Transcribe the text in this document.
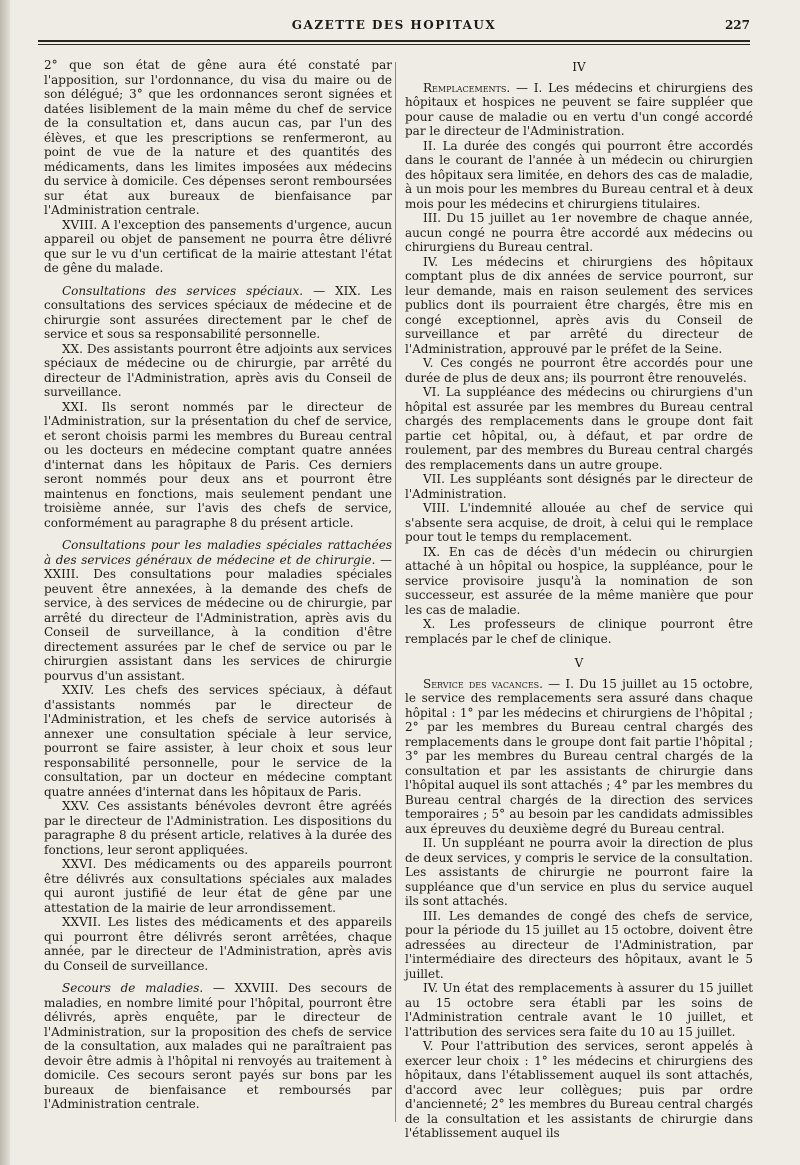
GAZETTE DES HOPITAUX	227

2° que son état de gêne aura été constaté par l'apposition, sur l'ordonnance, du visa du maire ou de son délégué; 3° que les ordonnances seront signées et datées lisiblement de la main même du chef de service de la consultation et, dans aucun cas, par l'un des élèves, et que les prescriptions se renfermeront, au point de vue de la nature et des quantités des médicaments, dans les limites imposées aux médecins du service à domicile. Ces dépenses seront remboursées sur état aux bureaux de bienfaisance par l'Administration centrale.

XVIII. A l'exception des pansements d'urgence, aucun appareil ou objet de pansement ne pourra être délivré que sur le vu d'un certificat de la mairie attestant l'état de gêne du malade.

Consultations des services spéciaux. — XIX. Les consultations des services spéciaux de médecine et de chirurgie sont assurées directement par le chef de service et sous sa responsabilité personnelle.

XX. Des assistants pourront être adjoints aux services spéciaux de médecine ou de chirurgie, par arrêté du directeur de l'Administration, après avis du Conseil de surveillance.

XXI. Ils seront nommés par le directeur de l'Administration, sur la présentation du chef de service, et seront choisis parmi les membres du Bureau central ou les docteurs en médecine comptant quatre années d'internat dans les hôpitaux de Paris. Ces derniers seront nommés pour deux ans et pourront être maintenus en fonctions, mais seulement pendant une troisième année, sur l'avis des chefs de service, conformément au paragraphe 8 du présent article.

Consultations pour les maladies spéciales rattachées à des services généraux de médecine et de chirurgie. — XXIII. Des consultations pour maladies spéciales peuvent être annexées, à la demande des chefs de service, à des services de médecine ou de chirurgie, par arrêté du directeur de l'Administration, après avis du Conseil de surveillance, à la condition d'être directement assurées par le chef de service ou par le chirurgien assistant dans les services de chirurgie pourvus d'un assistant.

XXIV. Les chefs des services spéciaux, à défaut d'assistants nommés par le directeur de l'Administration, et les chefs de service autorisés à annexer une consultation spéciale à leur service, pourront se faire assister, à leur choix et sous leur responsabilité personnelle, pour le service de la consultation, par un docteur en médecine comptant quatre années d'internat dans les hôpitaux de Paris.

XXV. Ces assistants bénévoles devront être agréés par le directeur de l'Administration. Les dispositions du paragraphe 8 du présent article, relatives à la durée des fonctions, leur seront appliquées.

XXVI. Des médicaments ou des appareils pourront être délivrés aux consultations spéciales aux malades qui auront justifié de leur état de gêne par une attestation de la mairie de leur arrondissement.

XXVII. Les listes des médicaments et des appareils qui pourront être délivrés seront arrêtées, chaque année, par le directeur de l'Administration, après avis du Conseil de surveillance.

Secours de maladies. — XXVIII. Des secours de maladies, en nombre limité pour l'hôpital, pourront être délivrés, après enquête, par le directeur de l'Administration, sur la proposition des chefs de service de la consultation, aux malades qui ne paraîtraient pas devoir être admis à l'hôpital ni renvoyés au traitement à domicile. Ces secours seront payés sur bons par les bureaux de bienfaisance et remboursés par l'Administration centrale.

IV

Remplacements. — I. Les médecins et chirurgiens des hôpitaux et hospices ne peuvent se faire suppléer que pour cause de maladie ou en vertu d'un congé accordé par le directeur de l'Administration.

II. La durée des congés qui pourront être accordés dans le courant de l'année à un médecin ou chirurgien des hôpitaux sera limitée, en dehors des cas de maladie, à un mois pour les membres du Bureau central et à deux mois pour les médecins et chirurgiens titulaires.

III. Du 15 juillet au 1er novembre de chaque année, aucun congé ne pourra être accordé aux médecins ou chirurgiens du Bureau central.

IV. Les médecins et chirurgiens des hôpitaux comptant plus de dix années de service pourront, sur leur demande, mais en raison seulement des services publics dont ils pourraient être chargés, être mis en congé exceptionnel, après avis du Conseil de surveillance et par arrêté du directeur de l'Administration, approuvé par le préfet de la Seine.

V. Ces congés ne pourront être accordés pour une durée de plus de deux ans; ils pourront être renouvelés.

VI. La suppléance des médecins ou chirurgiens d'un hôpital est assurée par les membres du Bureau central chargés des remplacements dans le groupe dont fait partie cet hôpital, ou, à défaut, et par ordre de roulement, par des membres du Bureau central chargés des remplacements dans un autre groupe.

VII. Les suppléants sont désignés par le directeur de l'Administration.

VIII. L'indemnité allouée au chef de service qui s'absente sera acquise, de droit, à celui qui le remplace pour tout le temps du remplacement.

IX. En cas de décès d'un médecin ou chirurgien attaché à un hôpital ou hospice, la suppléance, pour le service provisoire jusqu'à la nomination de son successeur, est assurée de la même manière que pour les cas de maladie.

X. Les professeurs de clinique pourront être remplacés par le chef de clinique.

V

Service des vacances. — I. Du 15 juillet au 15 octobre, le service des remplacements sera assuré dans chaque hôpital : 1° par les médecins et chirurgiens de l'hôpital ; 2° par les membres du Bureau central chargés des remplacements dans le groupe dont fait partie l'hôpital ; 3° par les membres du Bureau central chargés de la consultation et par les assistants de chirurgie dans l'hôpital auquel ils sont attachés ; 4° par les membres du Bureau central chargés de la direction des services temporaires ; 5° au besoin par les candidats admissibles aux épreuves du deuxième degré du Bureau central.

II. Un suppléant ne pourra avoir la direction de plus de deux services, y compris le service de la consultation. Les assistants de chirurgie ne pourront faire la suppléance que d'un service en plus du service auquel ils sont attachés.

III. Les demandes de congé des chefs de service, pour la période du 15 juillet au 15 octobre, doivent être adressées au directeur de l'Administration, par l'intermédiaire des directeurs des hôpitaux, avant le 5 juillet.

IV. Un état des remplacements à assurer du 15 juillet au 15 octobre sera établi par les soins de l'Administration centrale avant le 10 juillet, et l'attribution des services sera faite du 10 au 15 juillet.

V. Pour l'attribution des services, seront appelés à exercer leur choix : 1° les médecins et chirurgiens des hôpitaux, dans l'établissement auquel ils sont attachés, d'accord avec leur collègues; puis par ordre d'ancienneté; 2° les membres du Bureau central chargés de la consultation et les assistants de chirurgie dans l'établissement auquel ils
